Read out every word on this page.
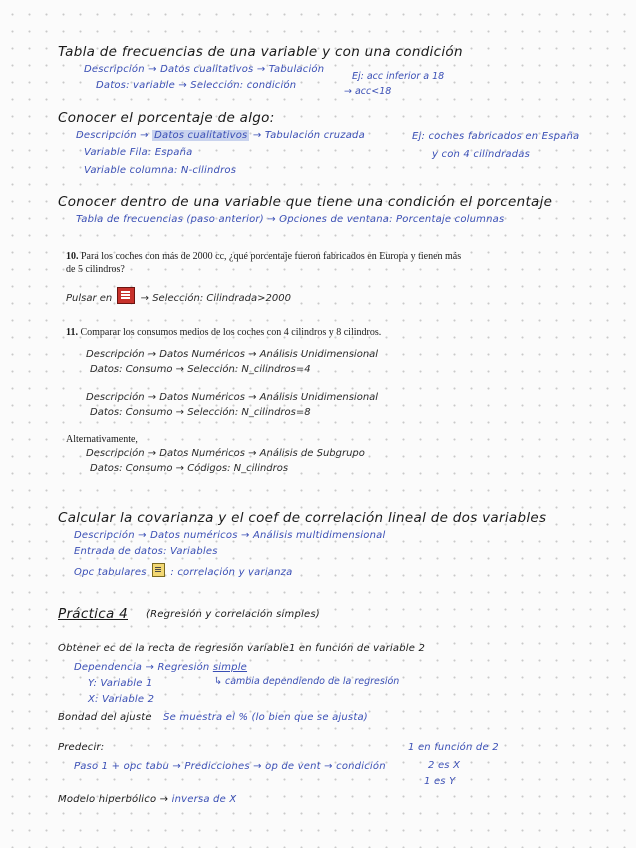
Tabla de frecuencias de una variable y con una condición
Descripción → Datos cualitativos → Tabulación
Datos: variable → Selección: condición
Ej: acc inferior a 18
→ acc<18
Conocer el porcentaje de algo:
Descripción → Datos cualitativos → Tabulación cruzada	Ej: coches fabricados en España
y con 4 cilindradas
Variable Fila: España
Variable columna: N-cilindros
Conocer dentro de una variable que tiene una condición el porcentaje
Tabla de frecuencias (paso anterior) → Opciones de ventana: Porcentaje columnas
10. Para los coches con más de 2000 cc, ¿qué porcentaje fueron fabricados en Europa y tienen más
de 5 cilindros?
Pulsar en	→ Selección: Cilindrada>2000
11. Comparar los consumos medios de los coches con 4 cilindros y 8 cilindros.
Descripción → Datos Numéricos → Análisis Unidimensional
Datos: Consumo → Selección: N_cilindros=4
Descripción → Datos Numéricos → Análisis Unidimensional
Datos: Consumo → Selección: N_cilindros=8
Alternativamente,
Descripción → Datos Numéricos → Análisis de Subgrupo
Datos: Consumo → Códigos: N_cilindros
Calcular la covarianza y el coef de correlación lineal de dos variables
Descripción → Datos numéricos → Análisis multidimensional
Entrada de datos: Variables
Opc tabulares : correlación y varianza
Práctica 4 (Regresión y correlación simples)
Obtener ec de la recta de regresión variable1 en función de variable 2
Dependencia → Regresión simple
↳ cambia dependiendo de la regresión
Y: Variable 1
X: Variable 2
Bondad del ajuste Se muestra el % (lo bien que se ajusta)
Predecir:
Paso 1 + opc tabu → Predicciones → op de vent → condición
1 en función de 2
2 es X
1 es Y
Modelo hiperbólico → inversa de X
